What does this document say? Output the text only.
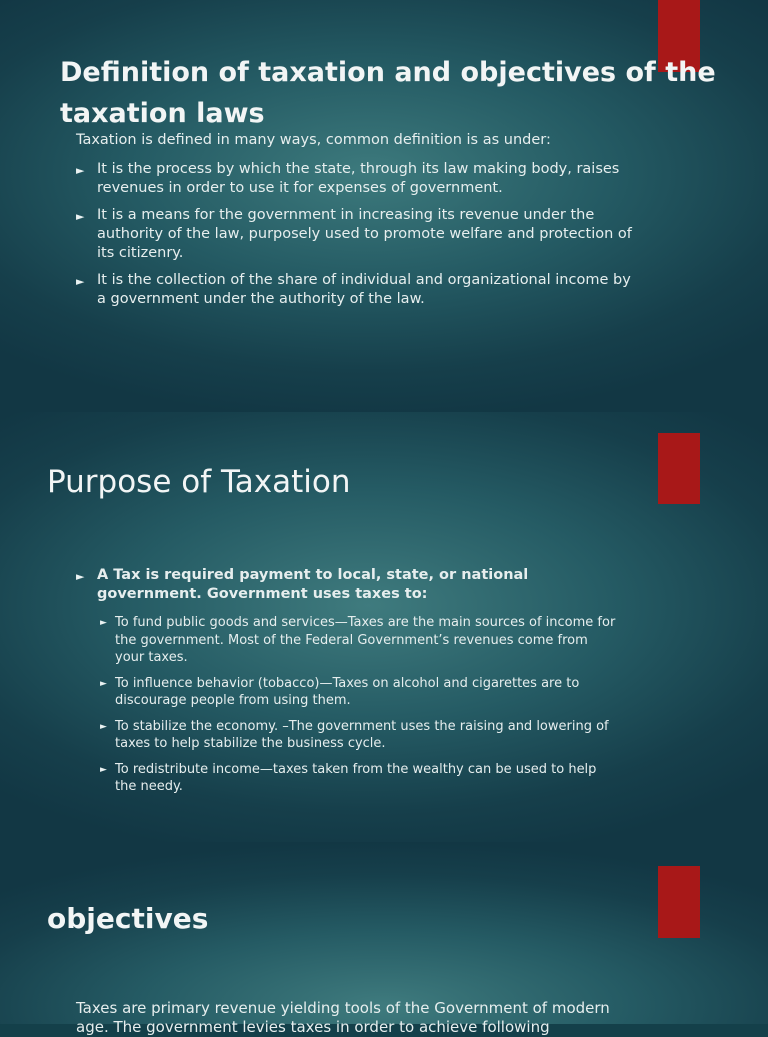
Definition of taxation and objectives of the taxation laws
Taxation is defined in many ways, common definition is as under:
► It is the process by which the state, through its law making body, raises revenues in order to use it for expenses of government.
► It is a means for the government in increasing its revenue under the authority of the law, purposely used to promote welfare and protection of its citizenry.
► It is the collection of the share of individual and organizational income by a government under the authority of the law.
Purpose of Taxation
► A Tax is required payment to local, state, or national government. Government uses taxes to:
► To fund public goods and services—Taxes are the main sources of income for the government. Most of the Federal Government’s revenues come from your taxes.
► To influence behavior (tobacco)—Taxes on alcohol and cigarettes are to discourage people from using them.
► To stabilize the economy. –The government uses the raising and lowering of taxes to help stabilize the business cycle.
► To redistribute income—taxes taken from the wealthy can be used to help the needy.
objectives
Taxes are primary revenue yielding tools of the Government of modern age. The government levies taxes in order to achieve following
